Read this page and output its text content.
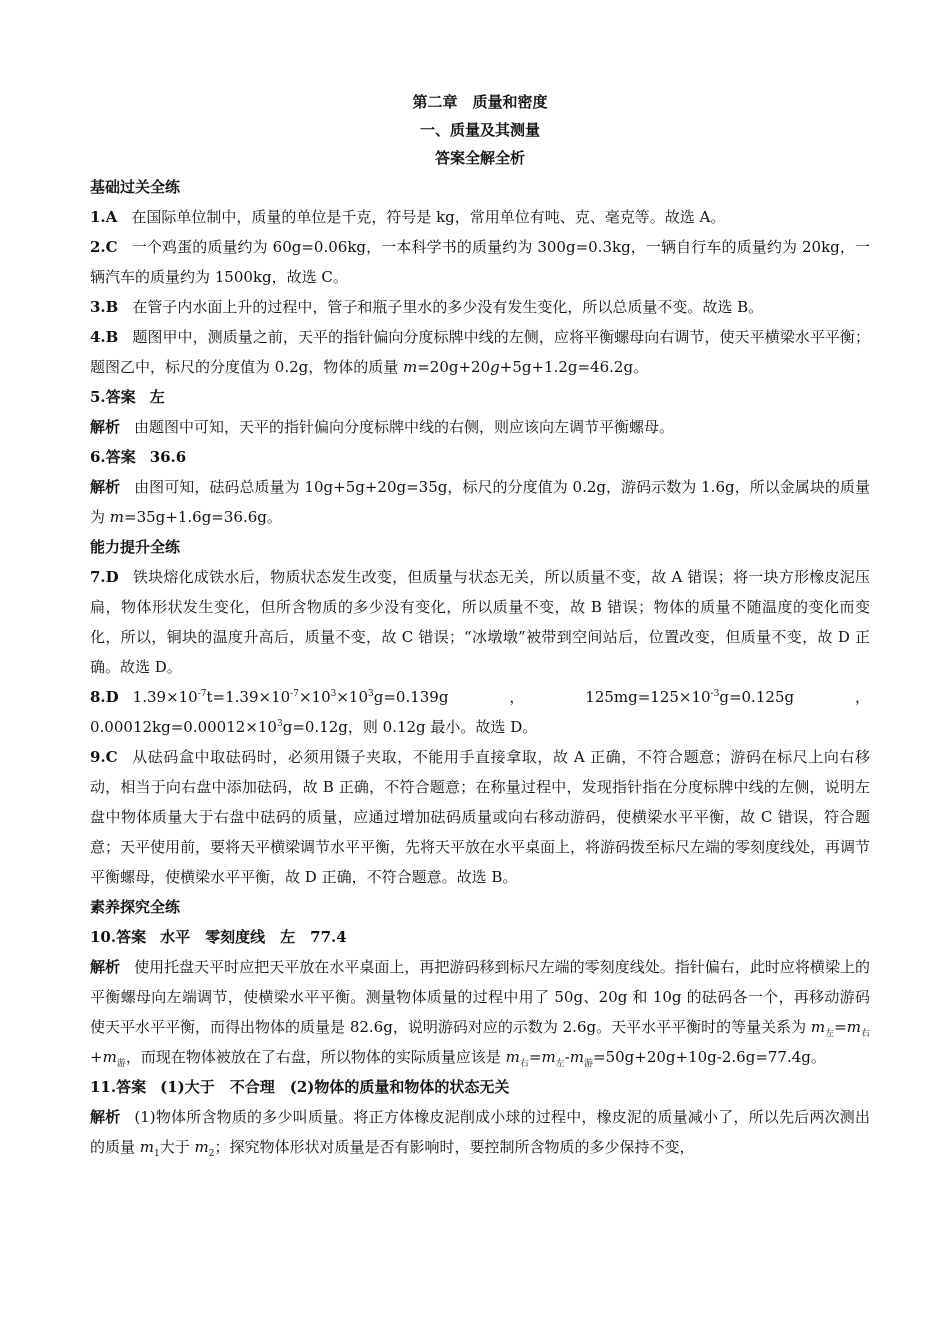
第二章　质量和密度
一、质量及其测量
答案全解全析
基础过关全练

1.A 在国际单位制中，质量的单位是千克，符号是 kg，常用单位有吨、克、毫克等。故选 A。

2.C 一个鸡蛋的质量约为 60g=0.06kg，一本科学书的质量约为 300g=0.3kg，一辆自行车的质量约为 20kg，一辆汽车的质量约为 1500kg，故选 C。

3.B 在管子内水面上升的过程中，管子和瓶子里水的多少没有发生变化，所以总质量不变。故选 B。

4.B 题图甲中，测质量之前，天平的指针偏向分度标牌中线的左侧，应将平衡螺母向右调节，使天平横梁水平平衡；题图乙中，标尺的分度值为 0.2g，物体的质量 m=20g+20g+5g+1.2g=46.2g。

5.答案 左

解析 由题图中可知，天平的指针偏向分度标牌中线的右侧，则应该向左调节平衡螺母。

6.答案 36.6

解析 由图可知，砝码总质量为 10g+5g+20g=35g，标尺的分度值为 0.2g，游码示数为 1.6g，所以金属块的质量为 m=35g+1.6g=36.6g。

能力提升全练

7.D 铁块熔化成铁水后，物质状态发生改变，但质量与状态无关，所以质量不变，故 A 错误；将一块方形橡皮泥压扁，物体形状发生变化，但所含物质的多少没有变化，所以质量不变，故 B 错误；物体的质量不随温度的变化而变化，所以，铜块的温度升高后，质量不变，故 C 错误；“冰墩墩”被带到空间站后，位置改变，但质量不变，故 D 正确。故选 D。

8.D $1.39\times 10^{-7}t=1.39\times 10^{-7}\times 10^3\times 10^3g=0.139g$，$125mg=125\times 10^{-3}g=0.125g$，$0.00012kg=0.00012\times 10^3g=0.12g$，则 0.12g 最小。故选 D。

9.C 从砝码盒中取砝码时，必须用镊子夹取，不能用手直接拿取，故 A 正确，不符合题意；游码在标尺上向右移动，相当于向右盘中添加砝码，故 B 正确，不符合题意；在称量过程中，发现指针指在分度标牌中线的左侧，说明左盘中物体质量大于右盘中砝码的质量，应通过增加砝码质量或向右移动游码，使横梁水平平衡，故 C 错误，符合题意；天平使用前，要将天平横梁调节水平平衡，先将天平放在水平桌面上，将游码拨至标尺左端的零刻度线处，再调节平衡螺母，使横梁水平平衡，故 D 正确，不符合题意。故选 B。

素养探究全练

10.答案 水平　零刻度线　左　77.4

解析 使用托盘天平时应把天平放在水平桌面上，再把游码移到标尺左端的零刻度线处。指针偏右，此时应将横梁上的平衡螺母向左端调节，使横梁水平平衡。测量物体质量的过程中用了 50g、20g 和 10g 的砝码各一个，再移动游码使天平水平平衡，而得出物体的质量是 82.6g，说明游码对应的示数为 2.6g。天平水平平衡时的等量关系为 $m_左=m_右+m_游$，而现在物体被放在了右盘，所以物体的实际质量应该是 $m_右=m_左-m_游=50g+20g+10g-2.6g=77.4g$。

11.答案 (1)大于　不合理　(2)物体的质量和物体的状态无关

解析 (1)物体所含物质的多少叫质量。将正方体橡皮泥削成小球的过程中，橡皮泥的质量减小了，所以先后两次测出的质量 $m_1$大于 $m_2$；探究物体形状对质量是否有影响时，要控制所含物质的多少保持不变，
